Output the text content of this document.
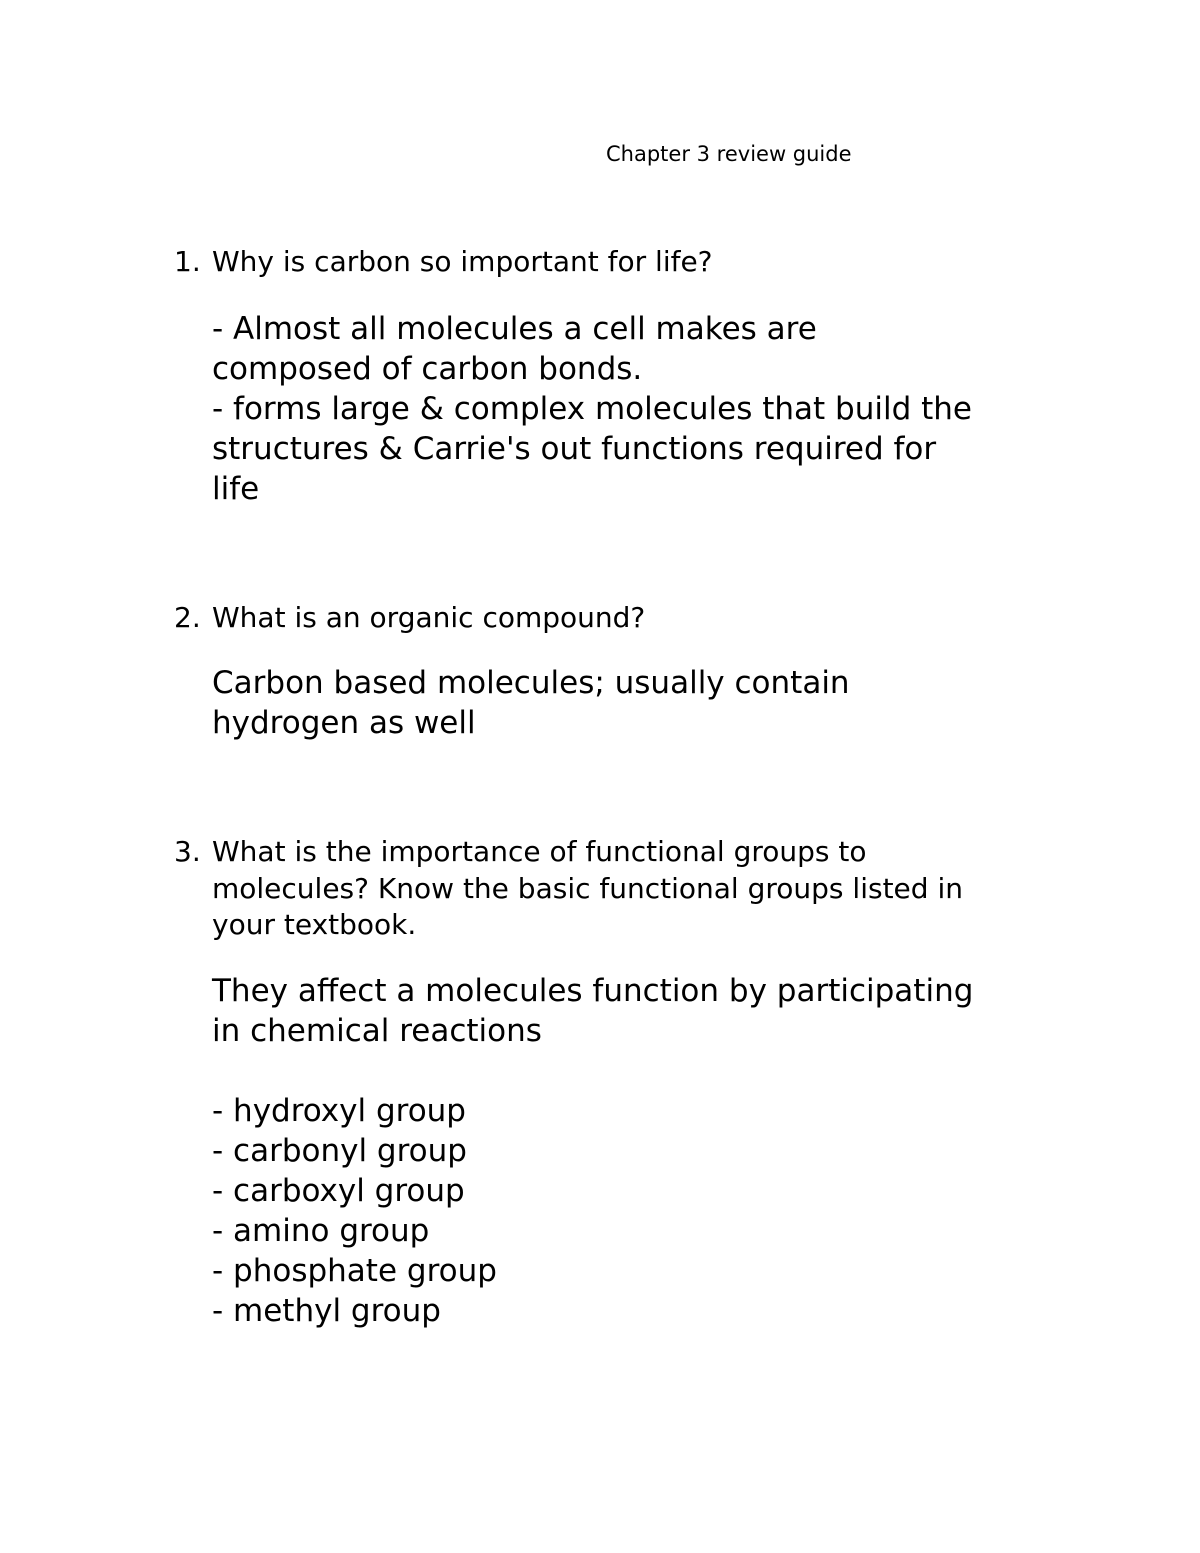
Chapter 3 review guide
1. Why is carbon so important for life?
- Almost all molecules a cell makes are
composed of carbon bonds.
- forms large & complex molecules that build the
structures & Carrie's out functions required for
life
2. What is an organic compound?
Carbon based molecules; usually contain
hydrogen as well
3. What is the importance of functional groups to
molecules? Know the basic functional groups listed in
your textbook.
They affect a molecules function by participating
in chemical reactions
- hydroxyl group
- carbonyl group
- carboxyl group
- amino group
- phosphate group
- methyl group
